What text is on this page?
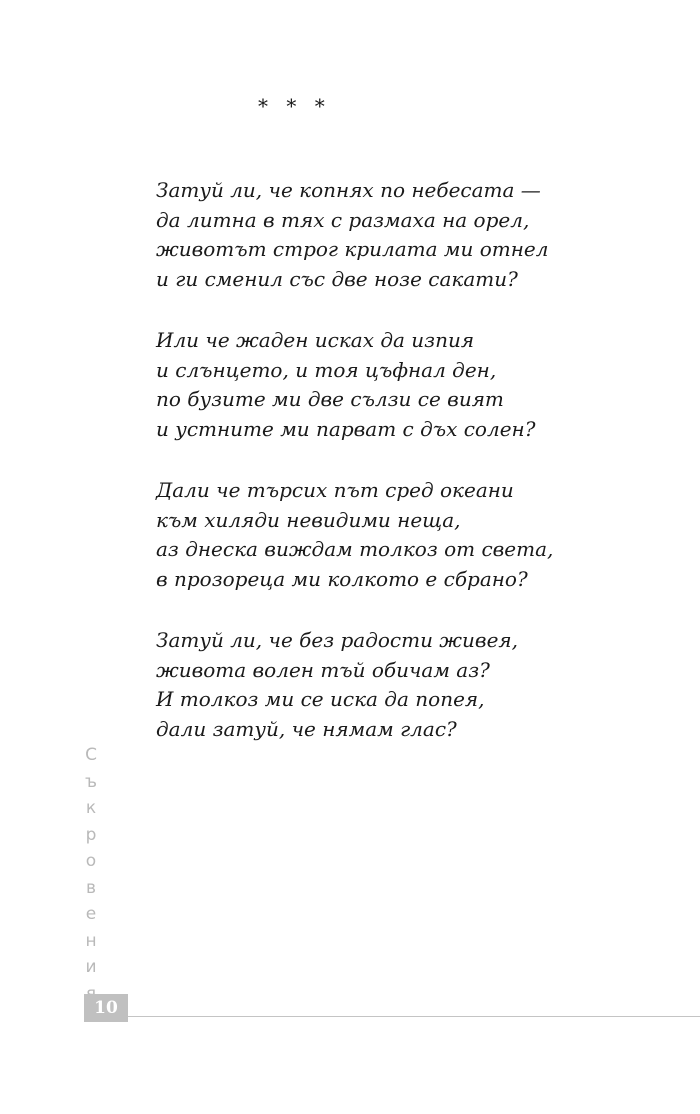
* * *
Затуй ли, че копнях по небесата —
да литна в тях с размаха на орел,
животът строг крилата ми отнел
и ги сменил със две нозе сакати?
Или че жаден исках да изпия
и слънцето, и тоя цъфнал ден,
по бузите ми две сълзи се вият
и устните ми парват с дъх солен?
Дали че търсих път сред океани
към хиляди невидими неща,
аз днеска виждам толкоз от света,
в прозореца ми колкото е сбрано?
Затуй ли, че без радости живея,
живота волен тъй обичам аз?
И толкоз ми се иска да попея,
дали затуй, че нямам глас?
С
ъ
к
р
о
в
е
н
и
10
